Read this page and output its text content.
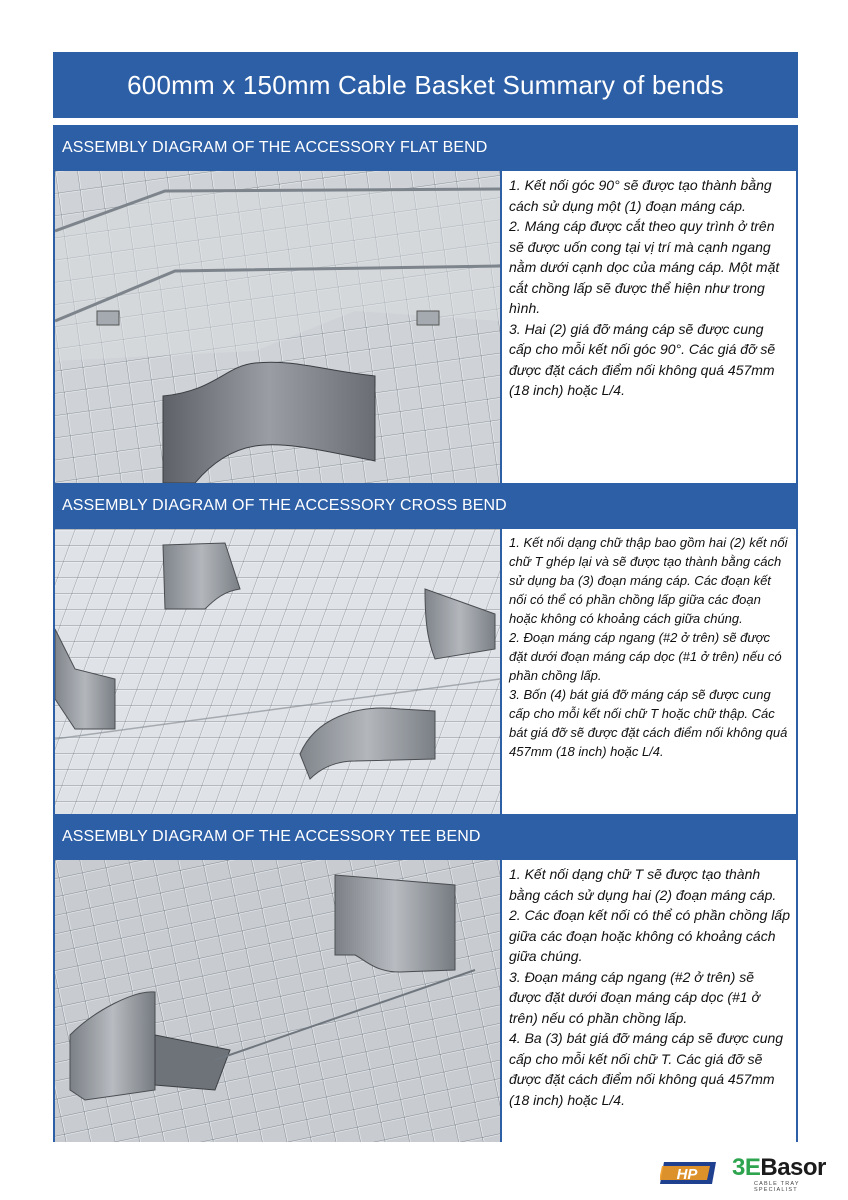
600mm x 150mm Cable Basket Summary of bends
ASSEMBLY DIAGRAM OF THE ACCESSORY FLAT BEND

1. Kết nối góc 90° sẽ được tạo thành bằng cách sử dụng một (1) đoạn máng cáp.

2. Máng cáp được cắt theo quy trình ở trên sẽ được uốn cong tại vị trí mà cạnh ngang nằm dưới cạnh dọc của máng cáp. Một mặt cắt chồng lấp sẽ được thể hiện như trong hình.

3. Hai (2) giá đỡ máng cáp sẽ được cung cấp cho mỗi kết nối góc 90°. Các giá đỡ sẽ được đặt cách điểm nối không quá 457mm (18 inch) hoặc L/4.

ASSEMBLY DIAGRAM OF THE ACCESSORY CROSS BEND

1. Kết nối dạng chữ thập bao gồm hai (2) kết nối chữ T ghép lại và sẽ được tạo thành bằng cách sử dụng ba (3) đoạn máng cáp. Các đoạn kết nối có thể có phần chồng lấp giữa các đoạn hoặc không có khoảng cách giữa chúng.

2. Đoạn máng cáp ngang (#2 ở trên) sẽ được đặt dưới đoạn máng cáp dọc (#1 ở trên) nếu có phần chồng lấp.

3. Bốn (4) bát giá đỡ máng cáp sẽ được cung cấp cho mỗi kết nối chữ T hoặc chữ thập. Các bát giá đỡ sẽ được đặt cách điểm nối không quá 457mm (18 inch) hoặc L/4.

ASSEMBLY DIAGRAM OF THE ACCESSORY TEE BEND

1. Kết nối dạng chữ T sẽ được tạo thành bằng cách sử dụng hai (2) đoạn máng cáp.

2. Các đoạn kết nối có thể có phần chồng lấp giữa các đoạn hoặc không có khoảng cách giữa chúng.

3. Đoạn máng cáp ngang (#2 ở trên) sẽ được đặt dưới đoạn máng cáp dọc (#1 ở trên) nếu có phần chồng lấp.

4. Ba (3) bát giá đỡ máng cáp sẽ được cung cấp cho mỗi kết nối chữ T. Các giá đỡ sẽ được đặt cách điểm nối không quá 457mm (18 inch) hoặc L/4.

HP 3EBasor
CABLE TRAY SPECIALIST
